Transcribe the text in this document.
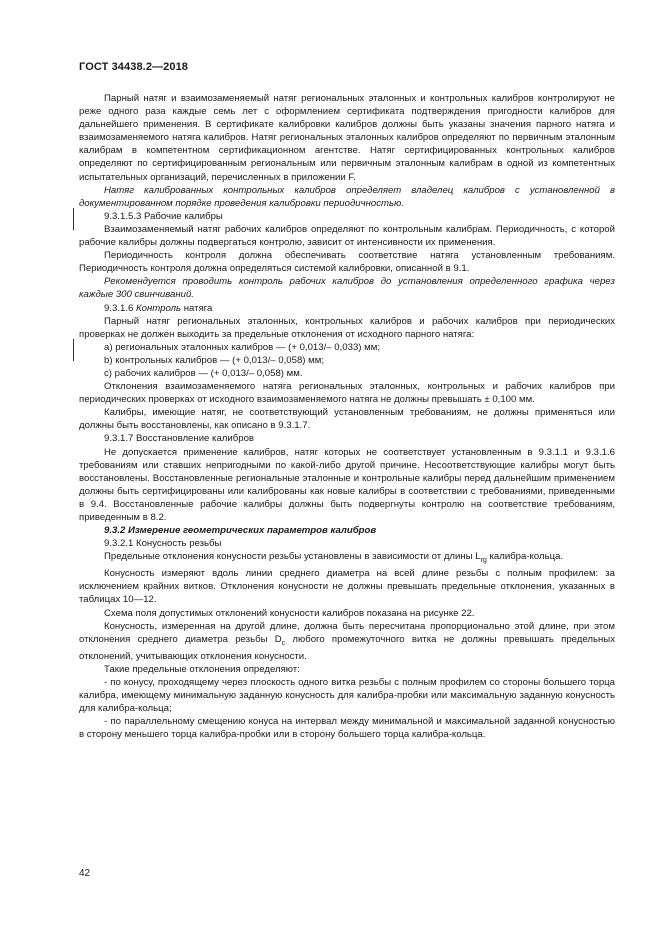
ГОСТ 34438.2—2018

Парный натяг и взаимозаменяемый натяг региональных эталонных и контрольных калибров контролируют не реже одного раза каждые семь лет с оформлением сертификата подтверждения пригодности калибров для дальнейшего применения. В сертификате калибровки калибров должны быть указаны значения парного натяга и взаимозаменяемого натяга калибров. Натяг региональных эталонных калибров определяют по первичным эталонным калибрам в компетентном сертификационном агентстве. Натяг сертифицированных контрольных калибров определяют по сертифицированным региональным или первичным эталонным калибрам в одной из компетентных испытательных организаций, перечисленных в приложении F.

Натяг калиброванных контрольных калибров определяет владелец калибров с установленной в документированном порядке проведения калибровки периодичностью.

9.3.1.5.3 Рабочие калибры

Взаимозаменяемый натяг рабочих калибров определяют по контрольным калибрам. Периодичность, с которой рабочие калибры должны подвергаться контролю, зависит от интенсивности их применения.

Периодичность контроля должна обеспечивать соответствие натяга установленным требованиям. Периодичность контроля должна определяться системой калибровки, описанной в 9.1.

Рекомендуется проводить контроль рабочих калибров до установления определенного графика через каждые 300 свинчиваний.

9.3.1.6 Контроль натяга

Парный натяг региональных эталонных, контрольных калибров и рабочих калибров при периодических проверках не должен выходить за предельные отклонения от исходного парного натяга:

а) региональных эталонных калибров — (+ 0,013/– 0,033) мм;

b) контрольных калибров — (+ 0,013/– 0,058) мм;

c) рабочих калибров — (+ 0,013/– 0,058) мм.

Отклонения взаимозаменяемого натяга региональных эталонных, контрольных и рабочих калибров при периодических проверках от исходного взаимозаменяемого натяга не должны превышать ± 0,100 мм.

Калибры, имеющие натяг, не соответствующий установленным требованиям, не должны применяться или должны быть восстановлены, как описано в 9.3.1.7.

9.3.1.7 Восстановление калибров

Не допускается применение калибров, натяг которых не соответствует установленным в 9.3.1.1 и 9.3.1.6 требованиям или ставших непригодными по какой-либо другой причине. Несоответствующие калибры могут быть восстановлены. Восстановленные региональные эталонные и контрольные калибры перед дальнейшим применением должны быть сертифицированы или калиброваны как новые калибры в соответствии с требованиями, приведенными в 9.4. Восстановленные рабочие калибры должны быть подвергнуты контролю на соответствие требованиям, приведенным в 8.2.

9.3.2 Измерение геометрических параметров калибров

9.3.2.1 Конусность резьбы

Предельные отклонения конусности резьбы установлены в зависимости от длины $L_{rg}$ калибра-кольца.

Конусность измеряют вдоль линии среднего диаметра на всей длине резьбы с полным профилем: за исключением крайних витков. Отклонения конусности не должны превышать предельные отклонения, указанных в таблицах 10—12.

Схема поля допустимых отклонений конусности калибров показана на рисунке 22.

Конусность, измеренная на другой длине, должна быть пересчитана пропорционально этой длине, при этом отклонения среднего диаметра резьбы $D_c$ любого промежуточного витка не должны превышать предельных отклонений, учитывающих отклонения конусности.

Такие предельные отклонения определяют:

- по конусу, проходящему через плоскость одного витка резьбы с полным профилем со стороны большего торца калибра, имеющему минимальную заданную конусность для калибра-пробки или максимальную заданную конусность для калибра-кольца;

- по параллельному смещению конуса на интервал между минимальной и максимальной заданной конусностью в сторону меньшего торца калибра-пробки или в сторону большего торца калибра-кольца.

42
